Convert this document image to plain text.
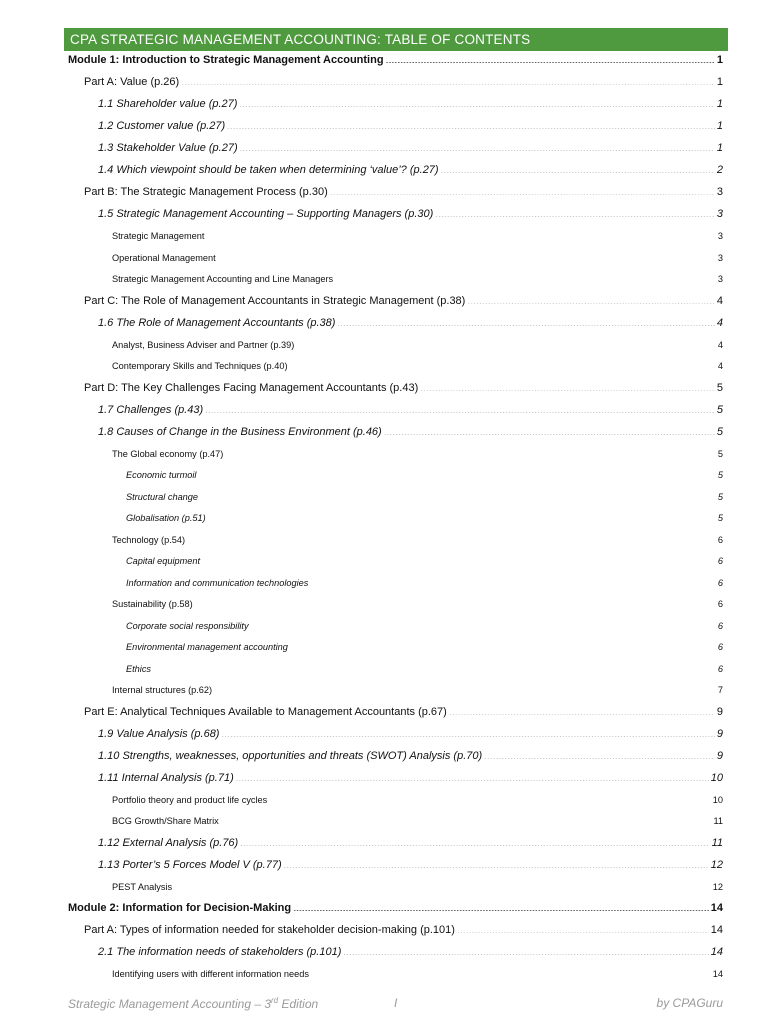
CPA STRATEGIC MANAGEMENT ACCOUNTING: TABLE OF CONTENTS
Module 1: Introduction to Strategic Management Accounting . . .	1
Part A: Value (p.26) . . .	1
1.1 Shareholder value (p.27) . . .	1
1.2 Customer value (p.27) . . .	1
1.3 Stakeholder Value (p.27) . . .	1
1.4 Which viewpoint should be taken when determining ‘value’? (p.27) . . .	2
Part B: The Strategic Management Process (p.30) . . .	3
1.5 Strategic Management Accounting – Supporting Managers (p.30) . . .	3
Strategic Management . . .	3
Operational Management . . .	3
Strategic Management Accounting and Line Managers . . .	3
Part C: The Role of Management Accountants in Strategic Management (p.38) . . .	4
1.6 The Role of Management Accountants (p.38) . . .	4
Analyst, Business Adviser and Partner (p.39) . . .	4
Contemporary Skills and Techniques (p.40) . . .	4
Part D: The Key Challenges Facing Management Accountants (p.43) . . .	5
1.7 Challenges (p.43) . . .	5
1.8 Causes of Change in the Business Environment (p.46) . . .	5
The Global economy (p.47) . . .	5
Economic turmoil . . .	5
Structural change . . .	5
Globalisation (p.51) . . .	5
Technology (p.54) . . .	6
Capital equipment . . .	6
Information and communication technologies . . .	6
Sustainability (p.58) . . .	6
Corporate social responsibility . . .	6
Environmental management accounting . . .	6
Ethics . . .	6
Internal structures (p.62) . . .	7
Part E: Analytical Techniques Available to Management Accountants (p.67) . . .	9
1.9 Value Analysis (p.68) . . .	9
1.10 Strengths, weaknesses, opportunities and threats (SWOT) Analysis (p.70) . . .	9
1.11 Internal Analysis (p.71) . . .	10
Portfolio theory and product life cycles . . .	10
BCG Growth/Share Matrix . . .	11
1.12 External Analysis (p.76) . . .	11
1.13 Porter’s 5 Forces Model V (p.77) . . .	12
PEST Analysis . . .	12
Module 2: Information for Decision-Making . . .	14
Part A: Types of information needed for stakeholder decision-making (p.101) . . .	14
2.1 The information needs of stakeholders (p.101) . . .	14
Identifying users with different information needs . . .	14
Strategic Management Accounting – 3rd Edition	I	by CPAGuru
